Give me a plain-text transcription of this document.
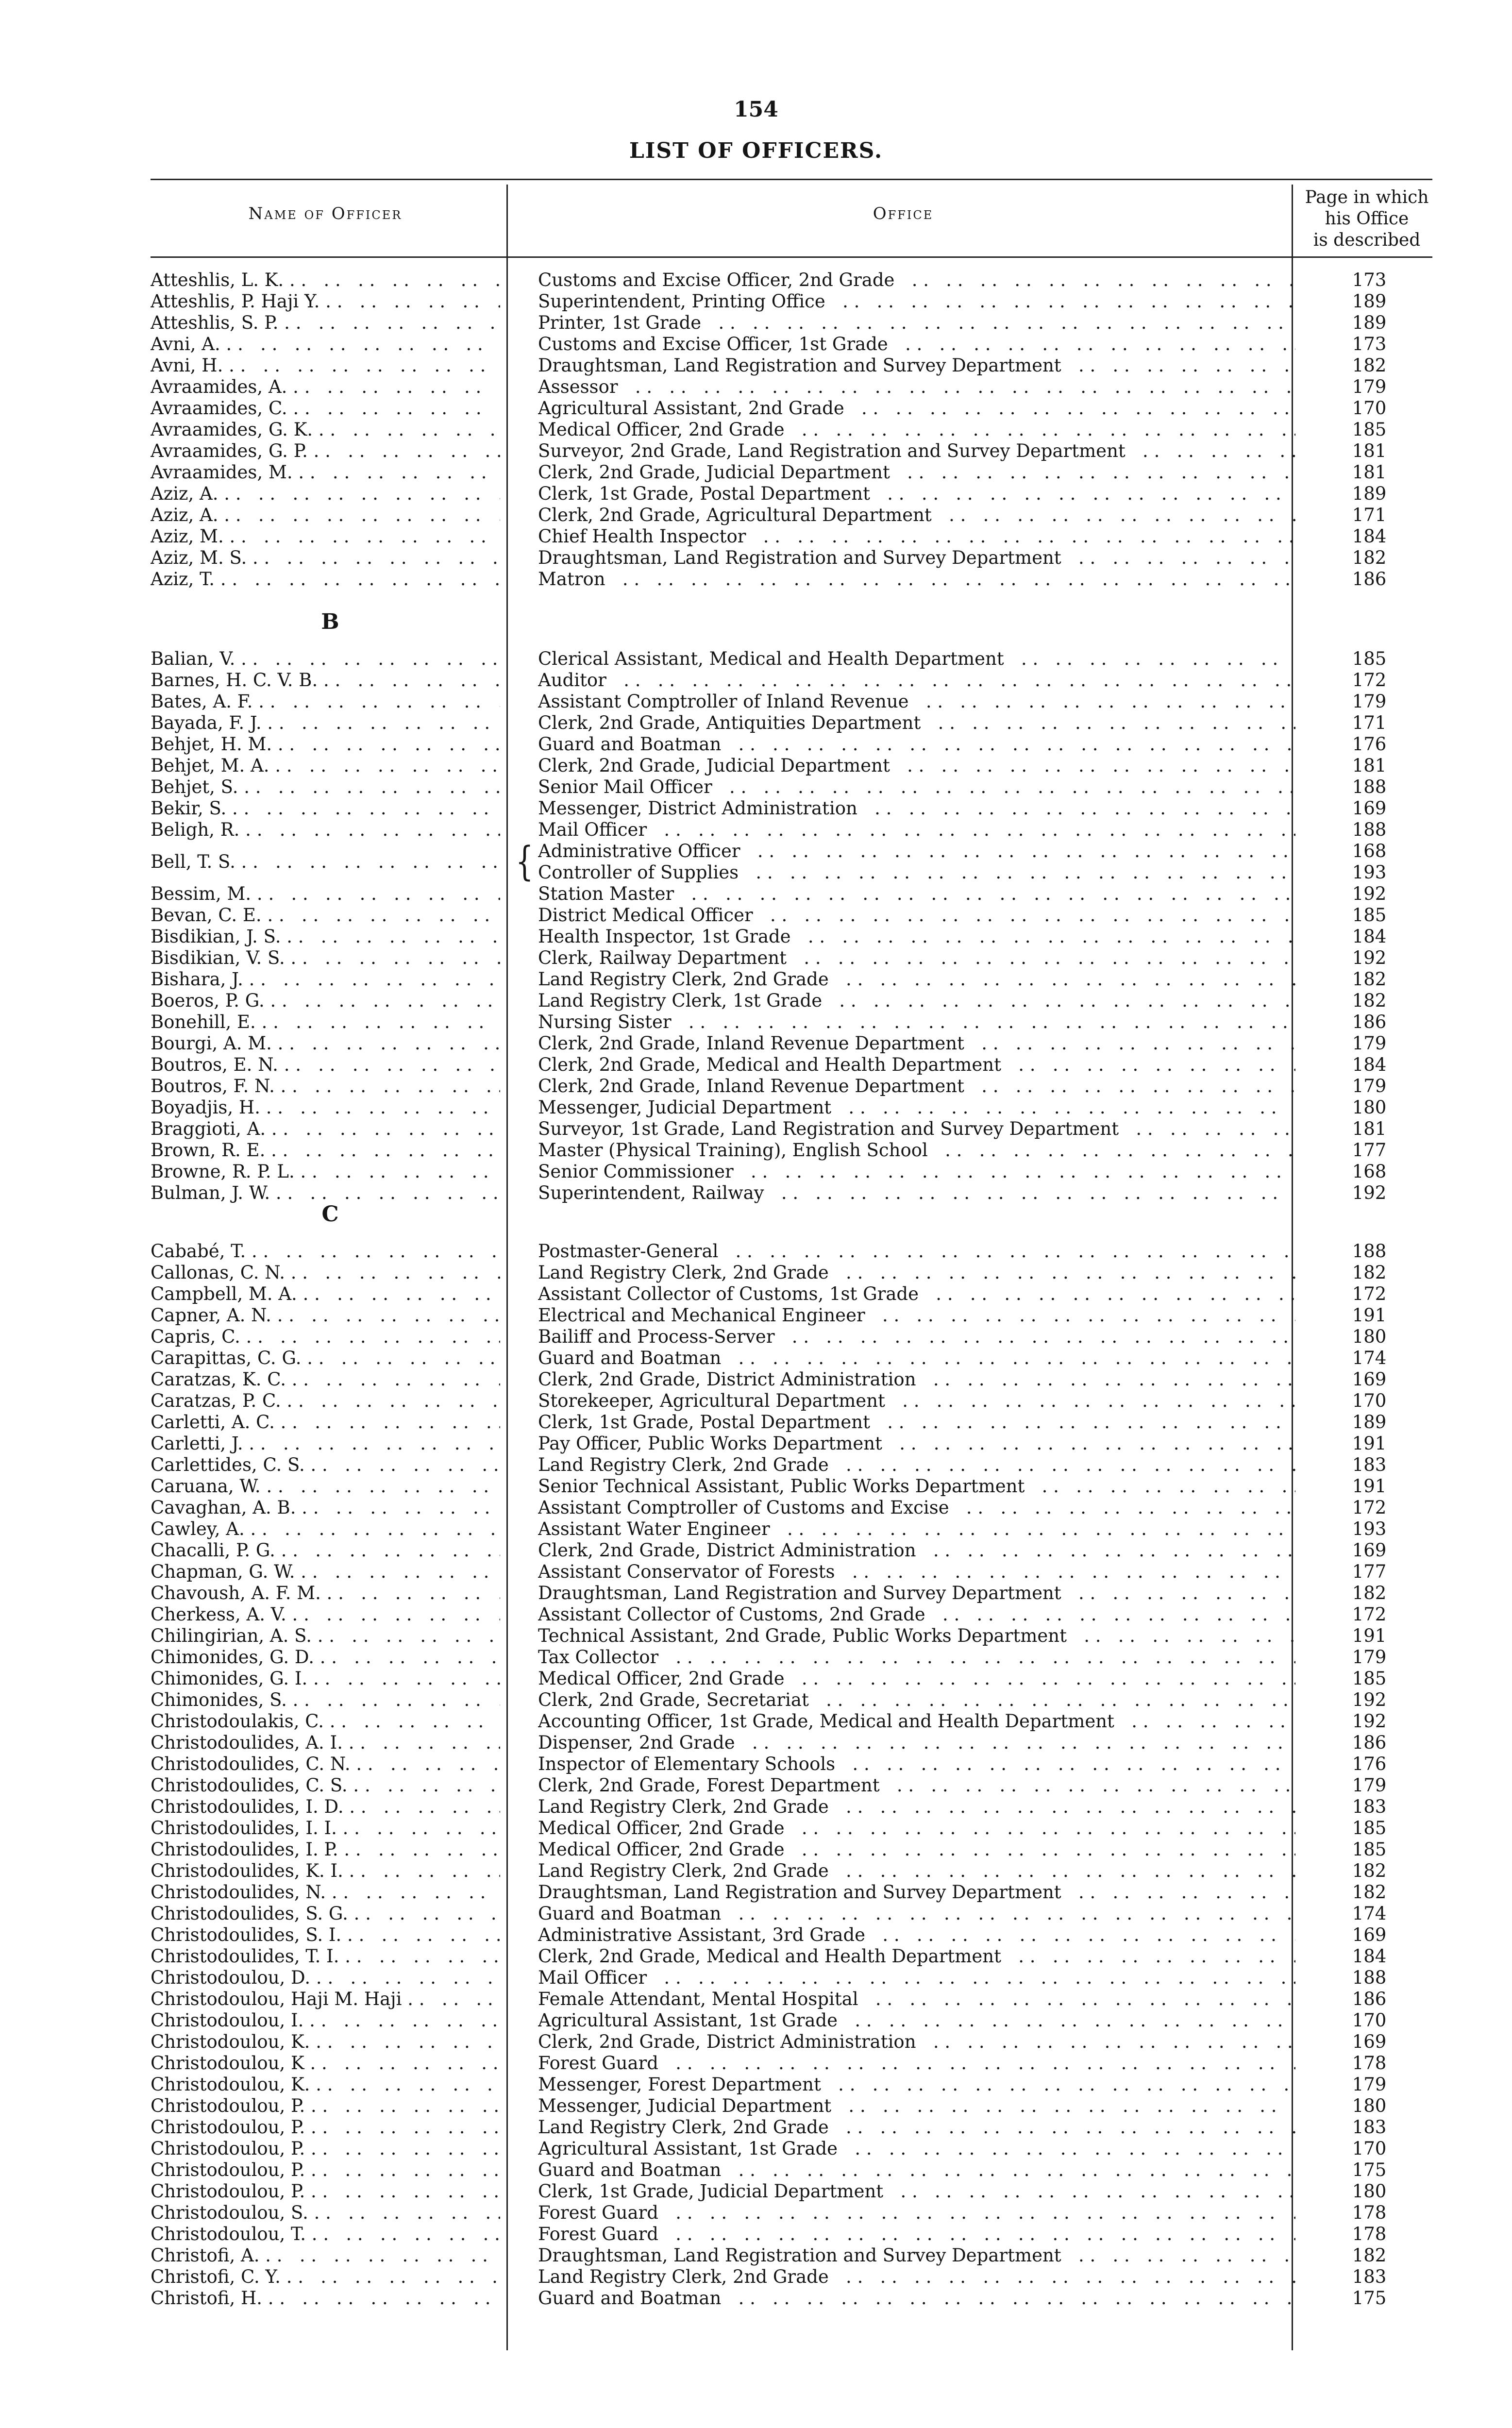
154
LIST OF OFFICERS.
Name of Officer	Office
Page in which
his Office
is described
Atteshlis, L. K. . .	Customs and Excise Officer, 2nd Grade . .	173
Atteshlis, P. Haji Y. . .	Superintendent, Printing Office . .	189
Atteshlis, S. P. . .	Printer, 1st Grade . .	189
Avni, A. . .	Customs and Excise Officer, 1st Grade . .	173
Avni, H. . .	Draughtsman, Land Registration and Survey Department . .	182
Avraamides, A. . .	Assessor . .	179
Avraamides, C. . .	Agricultural Assistant, 2nd Grade . .	170
Avraamides, G. K. . .	Medical Officer, 2nd Grade . .	185
Avraamides, G. P. . .	Surveyor, 2nd Grade, Land Registration and Survey Department . .	181
Avraamides, M. . .	Clerk, 2nd Grade, Judicial Department . .	181
Aziz, A. . .	Clerk, 1st Grade, Postal Department . .	189
Aziz, A. . .	Clerk, 2nd Grade, Agricultural Department . .	171
Aziz, M. . .	Chief Health Inspector . .	184
Aziz, M. S. . .	Draughtsman, Land Registration and Survey Department . .	182
Aziz, T. . .	Matron . .	186
B
Balian, V. . .	Clerical Assistant, Medical and Health Department . .	185
Barnes, H. C. V. B. . .	Auditor . .	172
Bates, A. F. . .	Assistant Comptroller of Inland Revenue . .	179
Bayada, F. J. . .	Clerk, 2nd Grade, Antiquities Department . .	171
Behjet, H. M. . .	Guard and Boatman . .	176
Behjet, M. A. . .	Clerk, 2nd Grade, Judicial Department . .	181
Behjet, S. . .	Senior Mail Officer . .	188
Bekir, S. . .	Messenger, District Administration . .	169
Beligh, R. . .	Mail Officer . .	188
Bell, T. S. . .
Administrative Officer . .	168
{ Controller of Supplies . .	193
Bessim, M. . .	Station Master . .	192
Bevan, C. E. . .	District Medical Officer . .	185
Bisdikian, J. S. . .	Health Inspector, 1st Grade . .	184
Bisdikian, V. S. . .	Clerk, Railway Department . .	192
Bishara, J. . .	Land Registry Clerk, 2nd Grade . .	182
Boeros, P. G. . .	Land Registry Clerk, 1st Grade . .	182
Bonehill, E. . .	Nursing Sister . .	186
Bourgi, A. M. . .	Clerk, 2nd Grade, Inland Revenue Department . .	179
Boutros, E. N. . .	Clerk, 2nd Grade, Medical and Health Department . .	184
Boutros, F. N. . .	Clerk, 2nd Grade, Inland Revenue Department . .	179
Boyadjis, H. . .	Messenger, Judicial Department . .	180
Braggioti, A. . .	Surveyor, 1st Grade, Land Registration and Survey Department . .	181
Brown, R. E. . .	Master (Physical Training), English School . .	177
Browne, R. P. L. . .	Senior Commissioner . .	168
Bulman, J. W. . .	Superintendent, Railway . .	192
C
Cababé, T. . .	Postmaster-General . .	188
Callonas, C. N. . .	Land Registry Clerk, 2nd Grade . .	182
Campbell, M. A. . .	Assistant Collector of Customs, 1st Grade . .	172
Capner, A. N. . .	Electrical and Mechanical Engineer . .	191
Capris, C. . .	Bailiff and Process-Server . .	180
Carapittas, C. G. . .	Guard and Boatman . .	174
Caratzas, K. C. . .	Clerk, 2nd Grade, District Administration . .	169
Caratzas, P. C. . .	Storekeeper, Agricultural Department . .	170
Carletti, A. C. . .	Clerk, 1st Grade, Postal Department . .	189
Carletti, J. . .	Pay Officer, Public Works Department . .	191
Carlettides, C. S. . .	Land Registry Clerk, 2nd Grade . .	183
Caruana, W. . .	Senior Technical Assistant, Public Works Department . .	191
Cavaghan, A. B. . .	Assistant Comptroller of Customs and Excise . .	172
Cawley, A. . .	Assistant Water Engineer . .	193
Chacalli, P. G. . .	Clerk, 2nd Grade, District Administration . .	169
Chapman, G. W. . .	Assistant Conservator of Forests . .	177
Chavoush, A. F. M. . .	Draughtsman, Land Registration and Survey Department . .	182
Cherkess, A. V. . .	Assistant Collector of Customs, 2nd Grade . .	172
Chilingirian, A. S. . .	Technical Assistant, 2nd Grade, Public Works Department . .	191
Chimonides, G. D. . .	Tax Collector . .	179
Chimonides, G. I. . .	Medical Officer, 2nd Grade . .	185
Chimonides, S. . .	Clerk, 2nd Grade, Secretariat . .	192
Christodoulakis, C. . .	Accounting Officer, 1st Grade, Medical and Health Department . .	192
Christodoulides, A. I. . .	Dispenser, 2nd Grade . .	186
Christodoulides, C. N. . .	Inspector of Elementary Schools . .	176
Christodoulides, C. S. . .	Clerk, 2nd Grade, Forest Department . .	179
Christodoulides, I. D. . .	Land Registry Clerk, 2nd Grade . .	183
Christodoulides, I. I. . .	Medical Officer, 2nd Grade . .	185
Christodoulides, I. P. . .	Medical Officer, 2nd Grade . .	185
Christodoulides, K. I. . .	Land Registry Clerk, 2nd Grade . .	182
Christodoulides, N. . .	Draughtsman, Land Registration and Survey Department . .	182
Christodoulides, S. G. . .	Guard and Boatman . .	174
Christodoulides, S. I. . .	Administrative Assistant, 3rd Grade . .	169
Christodoulides, T. I. . .	Clerk, 2nd Grade, Medical and Health Department . .	184
Christodoulou, D. . .	Mail Officer . .	188
Christodoulou, Haji M. Haji . .	Female Attendant, Mental Hospital . .	186
Christodoulou, I. . .	Agricultural Assistant, 1st Grade . .	170
Christodoulou, K. . .	Clerk, 2nd Grade, District Administration . .	169
Christodoulou, K . .	Forest Guard . .	178
Christodoulou, K. . .	Messenger, Forest Department . .	179
Christodoulou, P. . .	Messenger, Judicial Department . .	180
Christodoulou, P. . .	Land Registry Clerk, 2nd Grade . .	183
Christodoulou, P. . .	Agricultural Assistant, 1st Grade . .	170
Christodoulou, P. . .	Guard and Boatman . .	175
Christodoulou, P. . .	Clerk, 1st Grade, Judicial Department . .	180
Christodoulou, S. . .	Forest Guard . .	178
Christodoulou, T. . .	Forest Guard . .	178
Christofi, A. . .	Draughtsman, Land Registration and Survey Department . .	182
Christofi, C. Y. . .	Land Registry Clerk, 2nd Grade . .	183
Christofi, H. . .	Guard and Boatman . .	175
